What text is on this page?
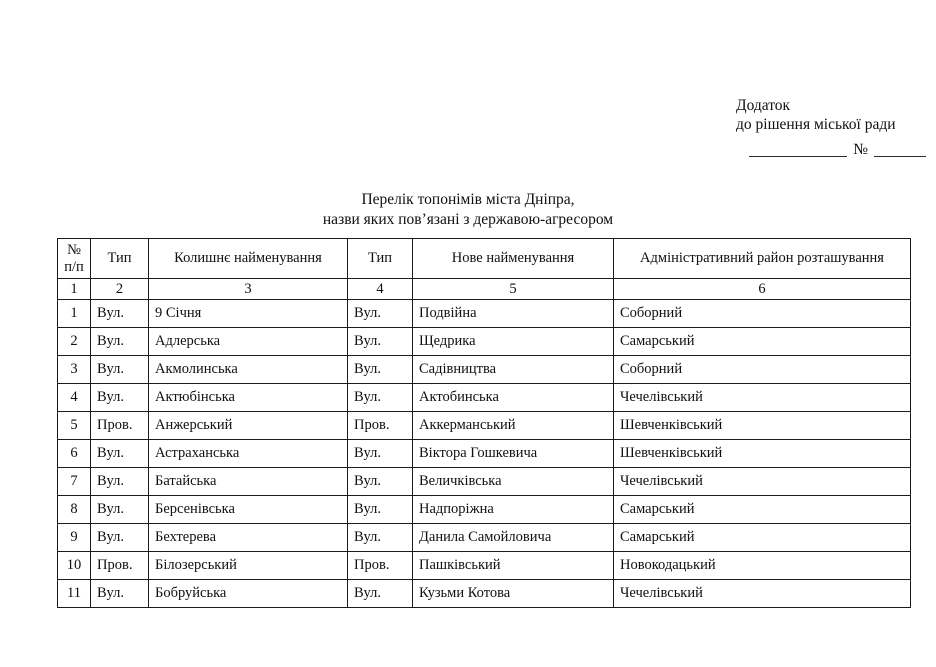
Додаток
до рішення міської ради
№
Перелік топонімів міста Дніпра,
назви яких пов’язані з державою-агресором
№
п/п	Тип	Колишнє найменування	Тип	Нове найменування	Адміністративний район розташування
1	2	3	4	5	6
1	Вул.	9 Січня	Вул.	Подвійна	Соборний
2	Вул.	Адлерська	Вул.	Щедрика	Самарський
3	Вул.	Акмолинська	Вул.	Садівництва	Соборний
4	Вул.	Актюбінська	Вул.	Актобинська	Чечелівський
5	Пров.	Анжерський	Пров.	Аккерманський	Шевченківський
6	Вул.	Астраханська	Вул.	Віктора Гошкевича	Шевченківський
7	Вул.	Батайська	Вул.	Величківська	Чечелівський
8	Вул.	Берсенівська	Вул.	Надпоріжна	Самарський
9	Вул.	Бехтерева	Вул.	Данила Самойловича	Самарський
10	Пров.	Білозерський	Пров.	Пашківський	Новокодацький
11	Вул.	Бобруйська	Вул.	Кузьми Котова	Чечелівський
